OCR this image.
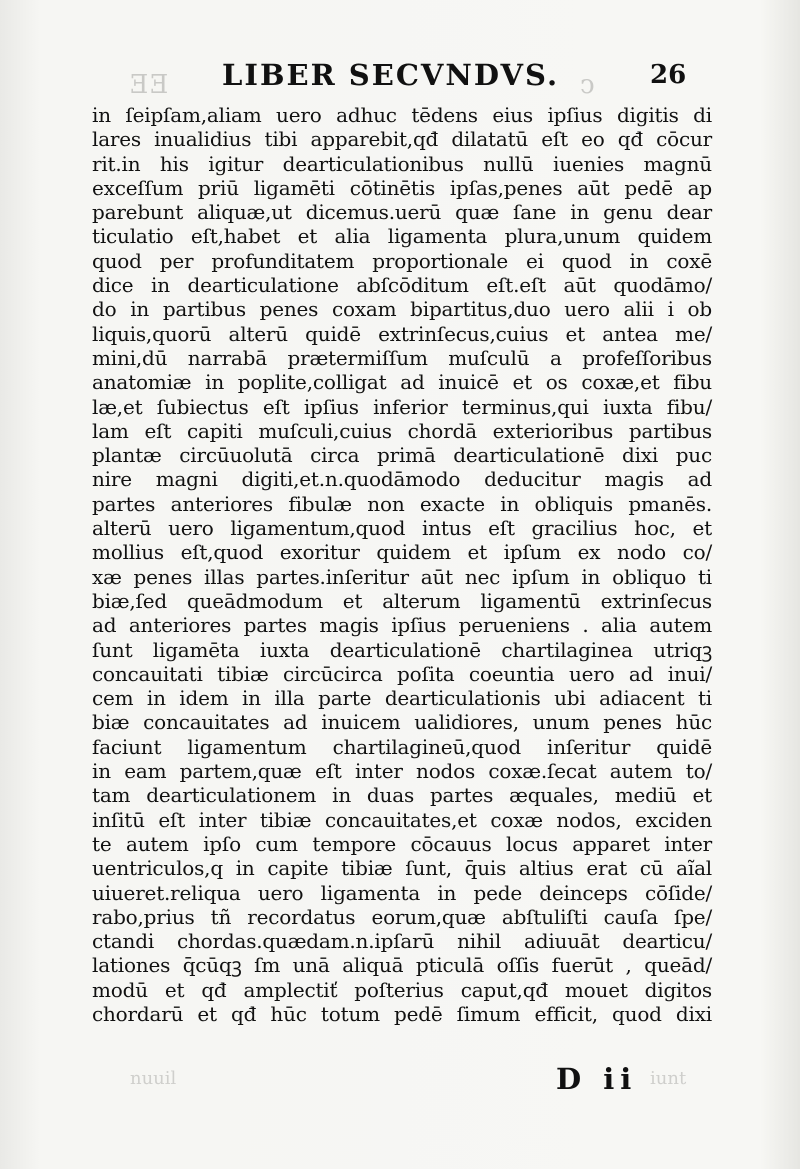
ƎƎ	ↄ
LIBER SECVNDVS.	26
in ſeipſam,aliam uero adhuc tēdens eius ipſius digitis di
lares inualidius tibi apparebit,qđ dilatatū eſt eo qđ cōcur
rit.in his igitur dearticulationibus nullū iuenies magnū
exceſſum priū ligamēti cōtinētis ipſas,penes aūt pedē ap
parebunt aliquæ,ut dicemus.uerū quæ ſane in genu dear
ticulatio eſt,habet et alia ligamenta plura,unum quidem
quod per profunditatem proportionale ei quod in coxē
dice in dearticulatione abſcōditum eſt.eſt aūt quodāmo/
do in partibus penes coxam bipartitus,duo uero alii i ob
liquis,quorū alterū quidē extrinſecus,cuius et antea me/
mini,dū narrabā prætermiſſum muſculū a profeſſoribus
anatomiæ in poplite,colligat ad inuicē et os coxæ,et fibu
læ,et ſubiectus eſt ipſius inferior terminus,qui iuxta fibu/
lam eſt capiti muſculi,cuius chordā exterioribus partibus
plantæ circūuolutā circa primā dearticulationē dixi puc
nire magni digiti,et.n.quodāmodo deducitur magis ad
partes anteriores fibulæ non exacte in obliquis pmanēs.
alterū uero ligamentum,quod intus eſt gracilius hoc, et
mollius eſt,quod exoritur quidem et ipſum ex nodo co/
xæ penes illas partes.inſeritur aūt nec ipſum in obliquo ti
biæ,ſed queādmodum et alterum ligamentū extrinſecus
ad anteriores partes magis ipſius perueniens . alia autem
ſunt ligamēta iuxta dearticulationē chartilaginea utriqꝫ
concauitati tibiæ circūcirca poſita coeuntia uero ad inui/
cem in idem in illa parte dearticulationis ubi adiacent ti
biæ concauitates ad inuicem ualidiores, unum penes hūc
faciunt ligamentum chartilagineū,quod inſeritur quidē
in eam partem,quæ eſt inter nodos coxæ.ſecat autem to/
tam dearticulationem in duas partes æquales, mediū et
inſitū eſt inter tibiæ concauitates,et coxæ nodos, exciden
te autem ipſo cum tempore cōcauus locus apparet inter
uentriculos,q in capite tibiæ ſunt, q̄uis altius erat cū aĩal
uiueret.reliqua uero ligamenta in pede deinceps cōſide/
rabo,prius tñ recordatus eorum,quæ abſtuliſti cauſa ſpe/
ctandi chordas.quædam.n.ipſarū nihil adiuuāt dearticu/
lationes q̄cūqꝫ ſm unā aliquā pticulā oſſis fuerūt , queād/
modū et qđ amplectiť poſterius caput,qđ mouet digitos
chordarū et qđ hūc totum pedē ſimum efficit, quod dixi
nuuil	iunt
D ii
